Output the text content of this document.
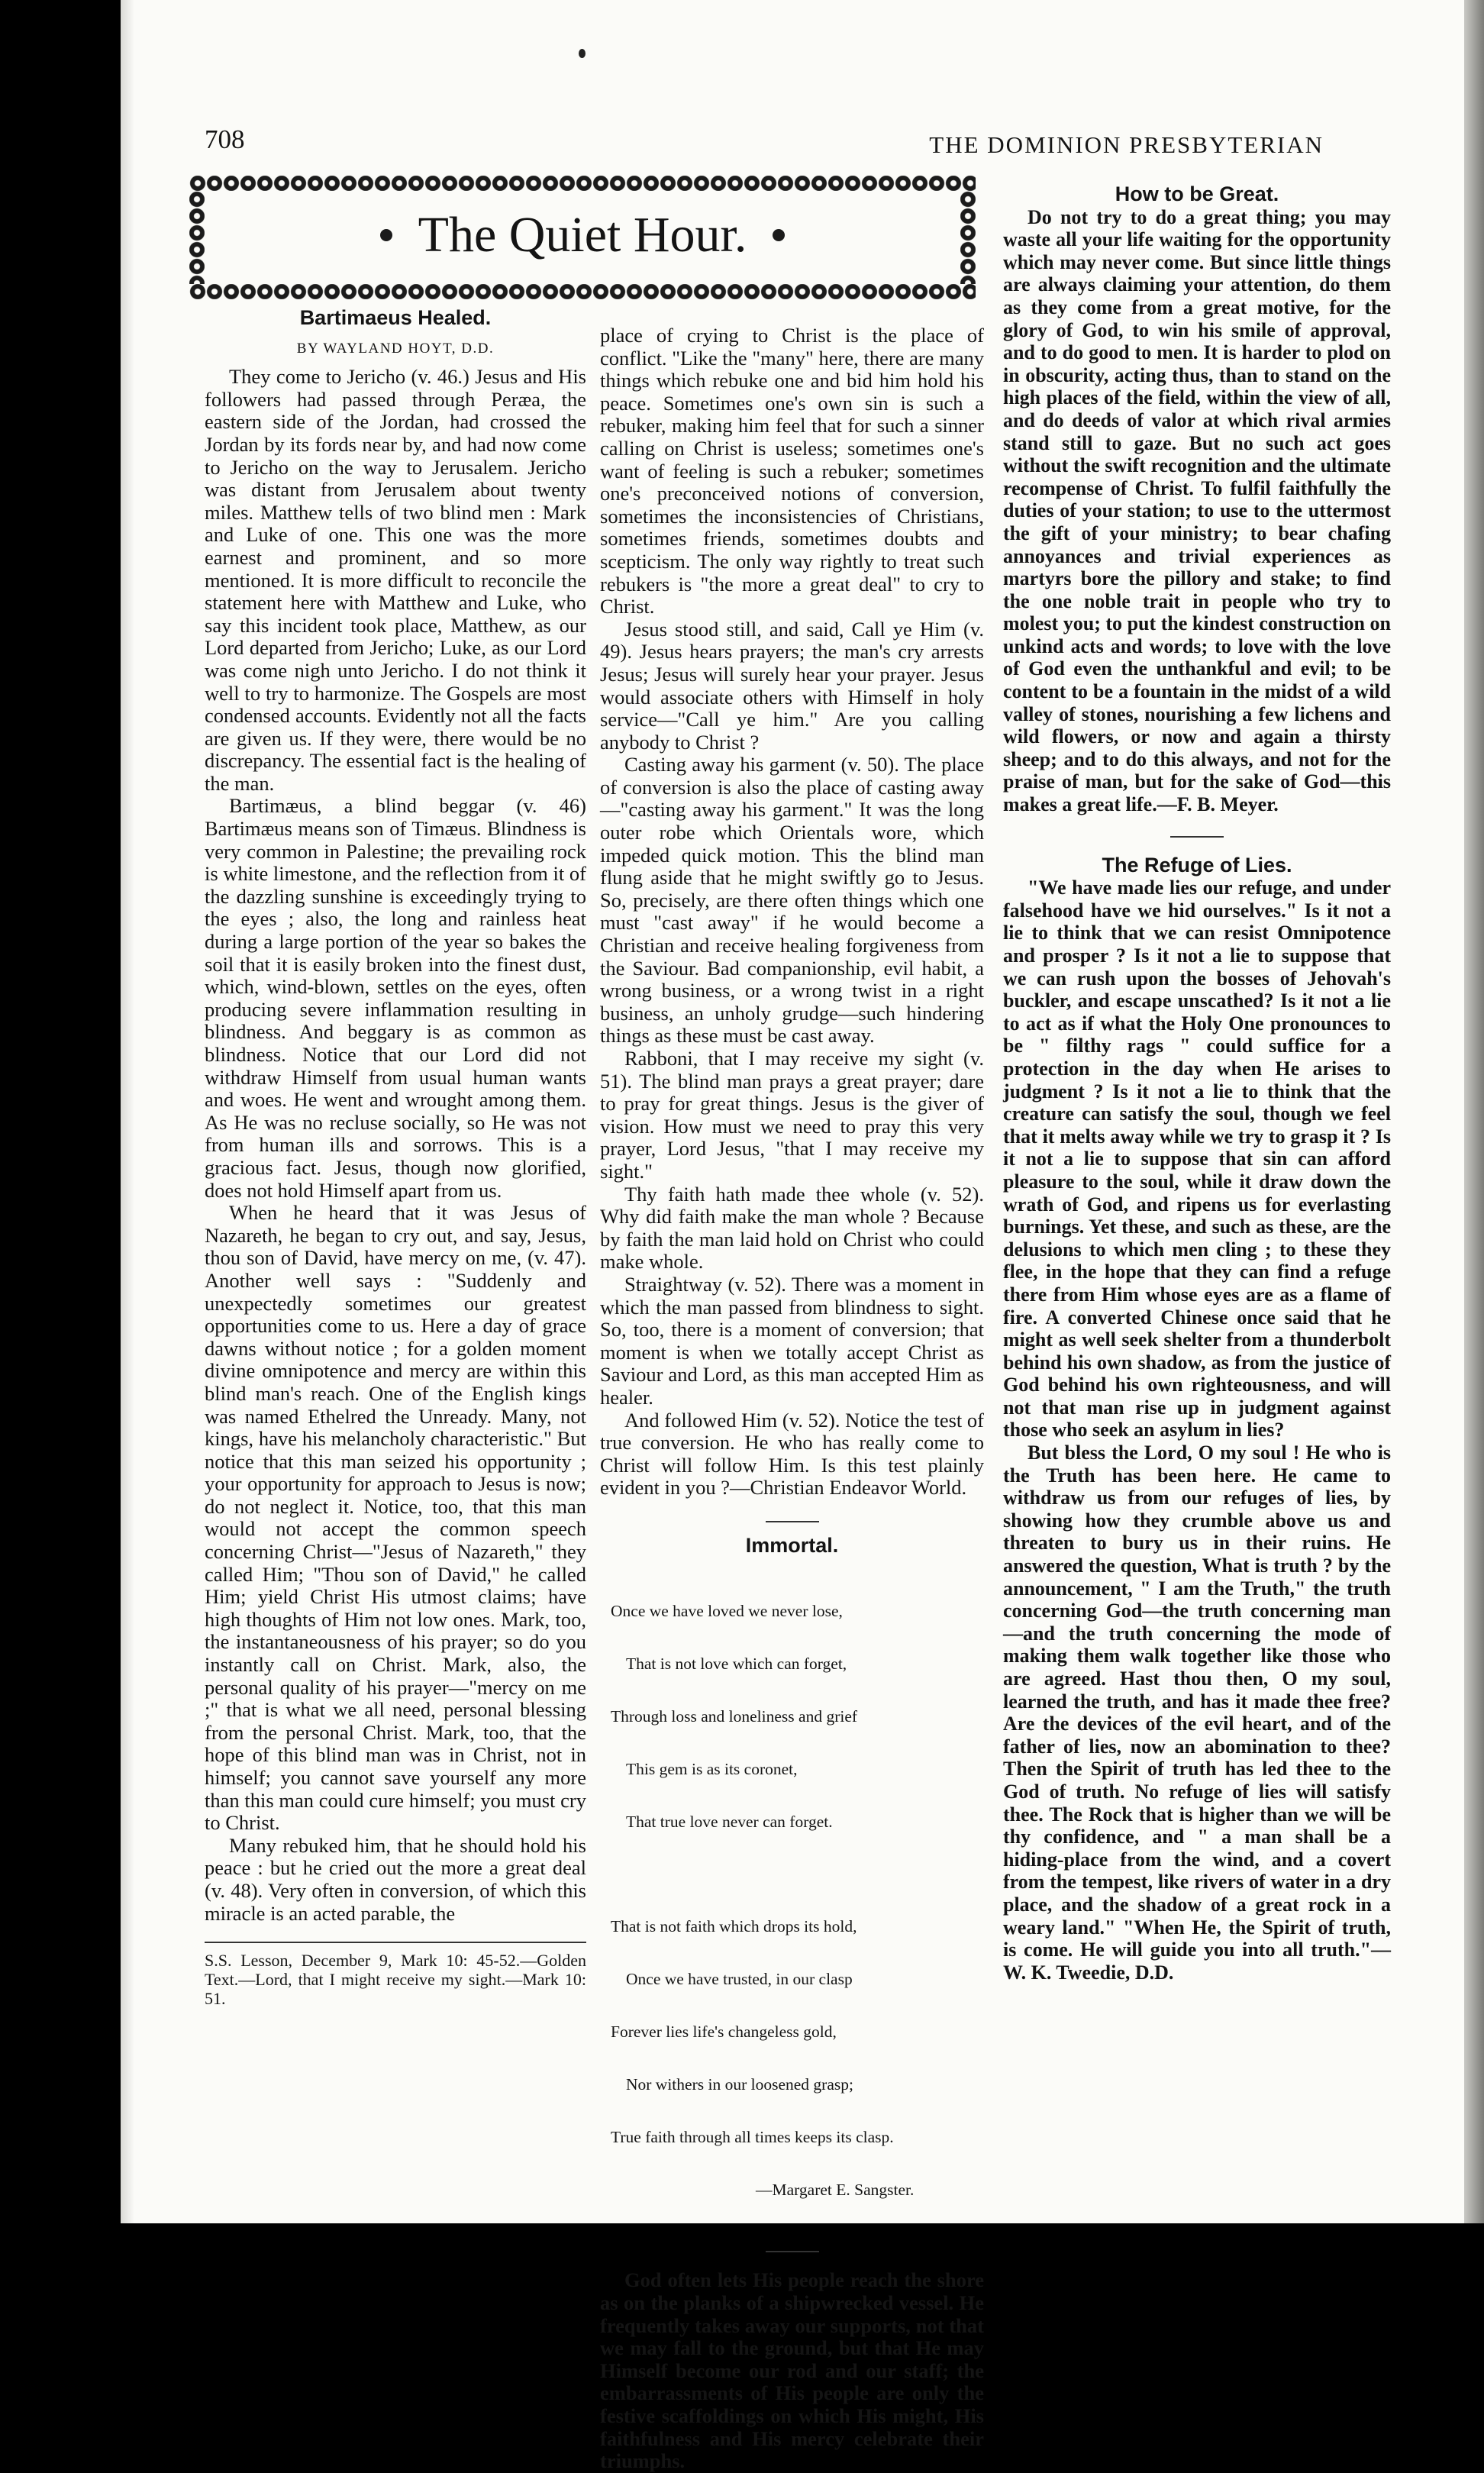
708	THE DOMINION PRESBYTERIAN
The Quiet Hour.

Bartimaeus Healed.

BY WAYLAND HOYT, D.D.

They come to Jericho (v. 46.) Jesus and His followers had passed through Peræa, the eastern side of the Jordan, had crossed the Jordan by its fords near by, and had now come to Jericho on the way to Jerusalem. Jericho was distant from Jerusalem about twenty miles. Matthew tells of two blind men : Mark and Luke of one. This one was the more earnest and prominent, and so more mentioned. It is more difficult to reconcile the statement here with Matthew and Luke, who say this incident took place, Matthew, as our Lord departed from Jericho; Luke, as our Lord was come nigh unto Jericho. I do not think it well to try to harmonize. The Gospels are most condensed accounts. Evidently not all the facts are given us. If they were, there would be no discrepancy. The essential fact is the healing of the man.

Bartimæus, a blind beggar (v. 46) Bartimæus means son of Timæus. Blindness is very common in Palestine; the prevailing rock is white limestone, and the reflection from it of the dazzling sunshine is exceedingly trying to the eyes ; also, the long and rainless heat during a large portion of the year so bakes the soil that it is easily broken into the finest dust, which, wind-blown, settles on the eyes, often producing severe inflammation resulting in blindness. And beggary is as common as blindness. Notice that our Lord did not withdraw Himself from usual human wants and woes. He went and wrought among them. As He was no recluse socially, so He was not from human ills and sorrows. This is a gracious fact. Jesus, though now glorified, does not hold Himself apart from us.

When he heard that it was Jesus of Nazareth, he began to cry out, and say, Jesus, thou son of David, have mercy on me, (v. 47). Another well says : "Suddenly and unexpectedly sometimes our greatest opportunities come to us. Here a day of grace dawns without notice ; for a golden moment divine omnipotence and mercy are within this blind man's reach. One of the English kings was named Ethelred the Unready. Many, not kings, have his melancholy characteristic." But notice that this man seized his opportunity ; your opportunity for approach to Jesus is now; do not neglect it. Notice, too, that this man would not accept the common speech concerning Christ—"Jesus of Nazareth," they called Him; "Thou son of David," he called Him; yield Christ His utmost claims; have high thoughts of Him not low ones. Mark, too, the instantaneousness of his prayer; so do you instantly call on Christ. Mark, also, the personal quality of his prayer—"mercy on me ;" that is what we all need, personal blessing from the personal Christ. Mark, too, that the hope of this blind man was in Christ, not in himself; you cannot save yourself any more than this man could cure himself; you must cry to Christ.

Many rebuked him, that he should hold his peace : but he cried out the more a great deal (v. 48). Very often in conversion, of which this miracle is an acted parable, the

S.S. Lesson, December 9, Mark 10: 45-52.—Golden Text.—Lord, that I might receive my sight.—Mark 10: 51.

place of crying to Christ is the place of conflict. "Like the "many" here, there are many things which rebuke one and bid him hold his peace. Sometimes one's own sin is such a rebuker, making him feel that for such a sinner calling on Christ is useless; sometimes one's want of feeling is such a rebuker; sometimes one's preconceived notions of conversion, sometimes the inconsistencies of Christians, sometimes friends, sometimes doubts and scepticism. The only way rightly to treat such rebukers is "the more a great deal" to cry to Christ.

Jesus stood still, and said, Call ye Him (v. 49). Jesus hears prayers; the man's cry arrests Jesus; Jesus will surely hear your prayer. Jesus would associate others with Himself in holy service—"Call ye him." Are you calling anybody to Christ ?

Casting away his garment (v. 50). The place of conversion is also the place of casting away—"casting away his garment." It was the long outer robe which Orientals wore, which impeded quick motion. This the blind man flung aside that he might swiftly go to Jesus. So, precisely, are there often things which one must "cast away" if he would become a Christian and receive healing forgiveness from the Saviour. Bad companionship, evil habit, a wrong business, or a wrong twist in a right business, an unholy grudge—such hindering things as these must be cast away.

Rabboni, that I may receive my sight (v. 51). The blind man prays a great prayer; dare to pray for great things. Jesus is the giver of vision. How must we need to pray this very prayer, Lord Jesus, "that I may receive my sight."

Thy faith hath made thee whole (v. 52). Why did faith make the man whole ? Because by faith the man laid hold on Christ who could make whole.

Straightway (v. 52). There was a moment in which the man passed from blindness to sight. So, too, there is a moment of conversion; that moment is when we totally accept Christ as Saviour and Lord, as this man accepted Him as healer.

And followed Him (v. 52). Notice the test of true conversion. He who has really come to Christ will follow Him. Is this test plainly evident in you ?—Christian Endeavor World.

Immortal.

Once we have loved we never lose,

That is not love which can forget,

Through loss and loneliness and grief

This gem is as its coronet,

That true love never can forget.

That is not faith which drops its hold,

Once we have trusted, in our clasp

Forever lies life's changeless gold,

Nor withers in our loosened grasp;

True faith through all times keeps its clasp.

—Margaret E. Sangster.

God often lets His people reach the shore as on the planks of a shipwrecked vessel. He frequently takes away our supports, not that we may fall to the ground, but that He may Himself become our rod and our staff; the embarrassments of His people are only the festive scaffoldings on which His might, His faithfulness and His mercy celebrate their triumphs.

How to be Great.

Do not try to do a great thing; you may waste all your life waiting for the opportunity which may never come. But since little things are always claiming your attention, do them as they come from a great motive, for the glory of God, to win his smile of approval, and to do good to men. It is harder to plod on in obscurity, acting thus, than to stand on the high places of the field, within the view of all, and do deeds of valor at which rival armies stand still to gaze. But no such act goes without the swift recognition and the ultimate recompense of Christ. To fulfil faithfully the duties of your station; to use to the uttermost the gift of your ministry; to bear chafing annoyances and trivial experiences as martyrs bore the pillory and stake; to find the one noble trait in people who try to molest you; to put the kindest construction on unkind acts and words; to love with the love of God even the unthankful and evil; to be content to be a fountain in the midst of a wild valley of stones, nourishing a few lichens and wild flowers, or now and again a thirsty sheep; and to do this always, and not for the praise of man, but for the sake of God—this makes a great life.—F. B. Meyer.

The Refuge of Lies.

"We have made lies our refuge, and under falsehood have we hid ourselves." Is it not a lie to think that we can resist Omnipotence and prosper ? Is it not a lie to suppose that we can rush upon the bosses of Jehovah's buckler, and escape unscathed? Is it not a lie to act as if what the Holy One pronounces to be " filthy rags " could suffice for a protection in the day when He arises to judgment ? Is it not a lie to think that the creature can satisfy the soul, though we feel that it melts away while we try to grasp it ? Is it not a lie to suppose that sin can afford pleasure to the soul, while it draw down the wrath of God, and ripens us for everlasting burnings. Yet these, and such as these, are the delusions to which men cling ; to these they flee, in the hope that they can find a refuge there from Him whose eyes are as a flame of fire. A converted Chinese once said that he might as well seek shelter from a thunderbolt behind his own shadow, as from the justice of God behind his own righteousness, and will not that man rise up in judgment against those who seek an asylum in lies?

But bless the Lord, O my soul ! He who is the Truth has been here. He came to withdraw us from our refuges of lies, by showing how they crumble above us and threaten to bury us in their ruins. He answered the question, What is truth ? by the announcement, " I am the Truth," the truth concerning God—the truth concerning man —and the truth concerning the mode of making them walk together like those who are agreed. Hast thou then, O my soul, learned the truth, and has it made thee free? Are the devices of the evil heart, and of the father of lies, now an abomination to thee? Then the Spirit of truth has led thee to the God of truth. No refuge of lies will satisfy thee. The Rock that is higher than we will be thy confidence, and " a man shall be a hiding-place from the wind, and a covert from the tempest, like rivers of water in a dry place, and the shadow of a great rock in a weary land." "When He, the Spirit of truth, is come. He will guide you into all truth."—W. K. Tweedie, D.D.
